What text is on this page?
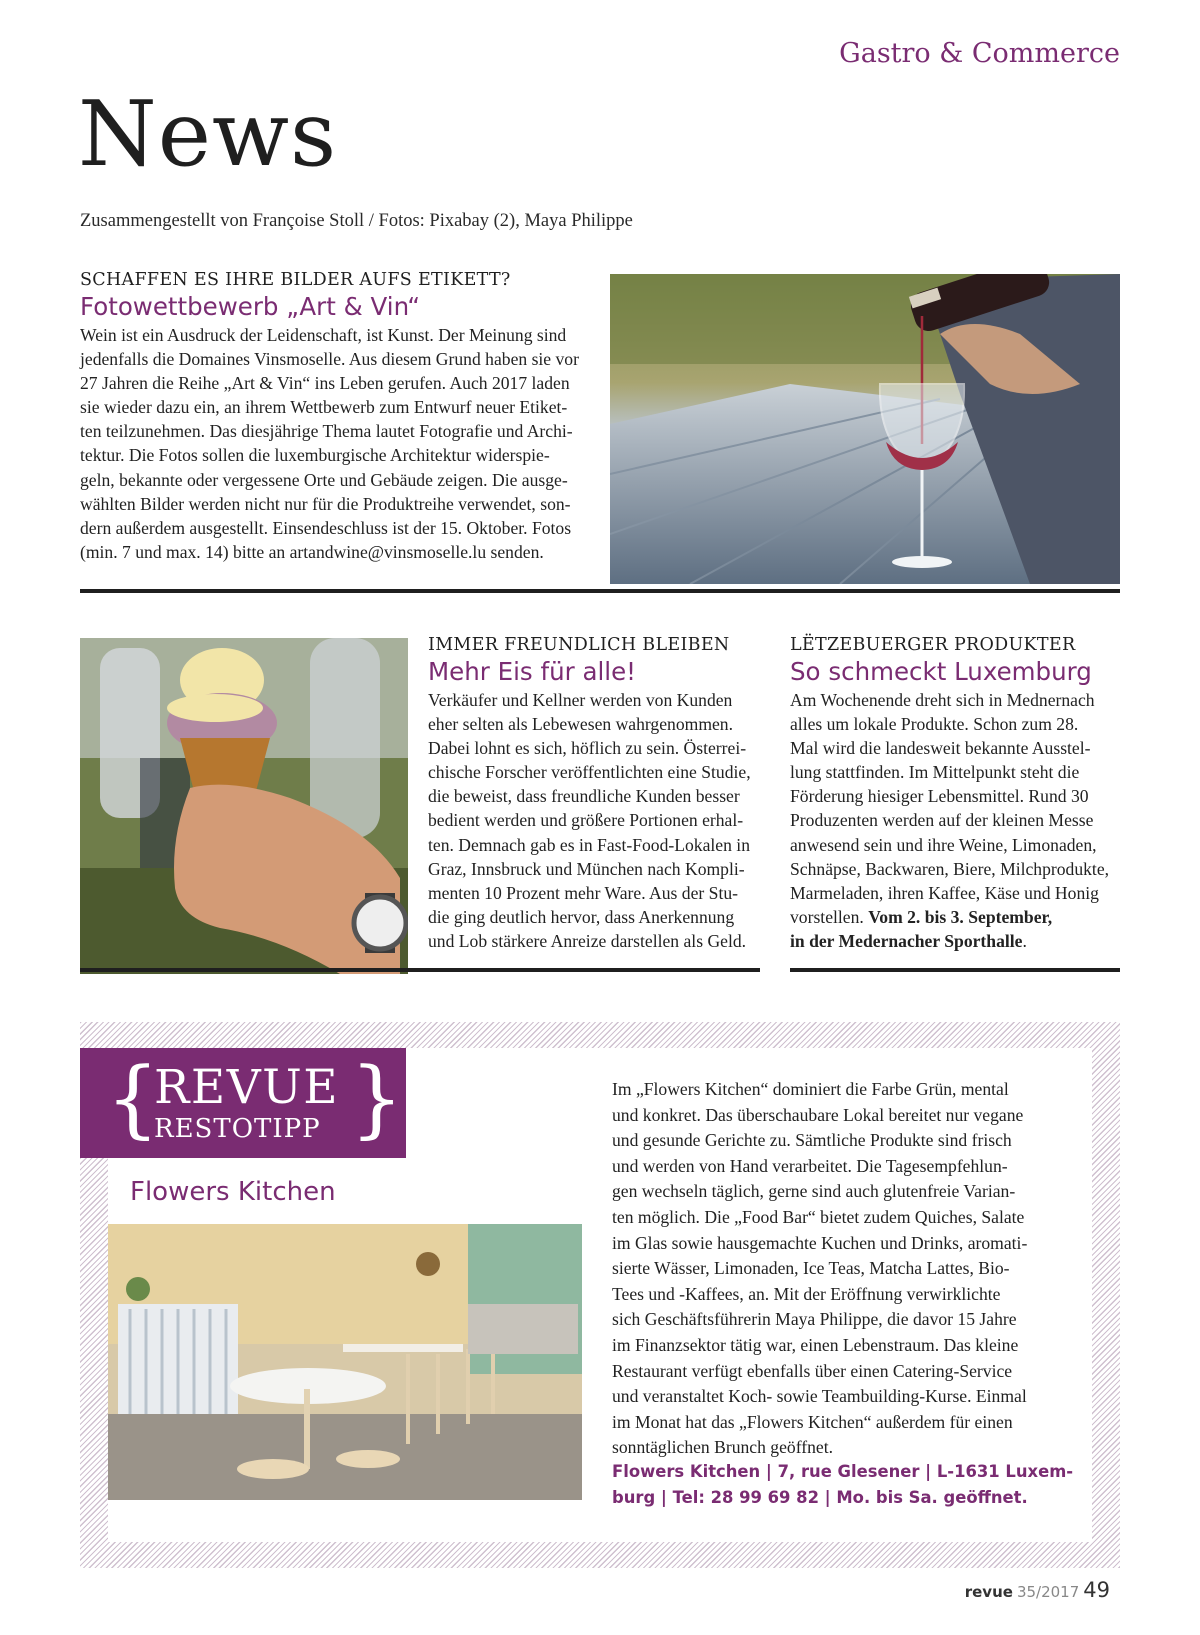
Gastro & Commerce
News
Zusammengestellt von Françoise Stoll / Fotos: Pixabay (2), Maya Philippe
SCHAFFEN ES IHRE BILDER AUFS ETIKETT?
Fotowettbewerb „Art & Vin“
Wein ist ein Ausdruck der Leidenschaft, ist Kunst. Der Meinung sind
jedenfalls die Domaines Vinsmoselle. Aus diesem Grund haben sie vor
27 Jahren die Reihe „Art & Vin“ ins Leben gerufen. Auch 2017 laden
sie wieder dazu ein, an ihrem Wettbewerb zum Entwurf neuer Etiket-
ten teilzunehmen. Das diesjährige Thema lautet Fotografie und Archi-
tektur. Die Fotos sollen die luxemburgische Architektur widerspie-
geln, bekannte oder vergessene Orte und Gebäude zeigen. Die ausge-
wählten Bilder werden nicht nur für die Produktreihe verwendet, son-
dern außerdem ausgestellt. Einsendeschluss ist der 15. Oktober. Fotos
(min. 7 und max. 14) bitte an artandwine@vinsmoselle.lu senden.
IMMER FREUNDLICH BLEIBEN
Mehr Eis für alle!
Verkäufer und Kellner werden von Kunden
eher selten als Lebewesen wahrgenommen.
Dabei lohnt es sich, höflich zu sein. Österrei-
chische Forscher veröffentlichten eine Studie,
die beweist, dass freundliche Kunden besser
bedient werden und größere Portionen erhal-
ten. Demnach gab es in Fast-Food-Lokalen in
Graz, Innsbruck und München nach Kompli-
menten 10 Prozent mehr Ware. Aus der Stu-
die ging deutlich hervor, dass Anerkennung
und Lob stärkere Anreize darstellen als Geld.
LËTZEBUERGER PRODUKTER
So schmeckt Luxemburg
Am Wochenende dreht sich in Mednernach
alles um lokale Produkte. Schon zum 28.
Mal wird die landesweit bekannte Ausstel-
lung stattfinden. Im Mittelpunkt steht die
Förderung hiesiger Lebensmittel. Rund 30
Produzenten werden auf der kleinen Messe
anwesend sein und ihre Weine, Limonaden,
Schnäpse, Backwaren, Biere, Milchprodukte,
Marmeladen, ihren Kaffee, Käse und Honig
vorstellen. Vom 2. bis 3. September,
in der Medernacher Sporthalle.
{
REVUE
RESTOTIPP }
Flowers Kitchen
Im „Flowers Kitchen“ dominiert die Farbe Grün, mental
und konkret. Das überschaubare Lokal bereitet nur vegane
und gesunde Gerichte zu. Sämtliche Produkte sind frisch
und werden von Hand verarbeitet. Die Tagesempfehlun-
gen wechseln täglich, gerne sind auch glutenfreie Varian-
ten möglich. Die „Food Bar“ bietet zudem Quiches, Salate
im Glas sowie hausgemachte Kuchen und Drinks, aromati-
sierte Wässer, Limonaden, Ice Teas, Matcha Lattes, Bio-
Tees und -Kaffees, an. Mit der Eröffnung verwirklichte
sich Geschäftsführerin Maya Philippe, die davor 15 Jahre
im Finanzsektor tätig war, einen Lebenstraum. Das kleine
Restaurant verfügt ebenfalls über einen Catering-Service
und veranstaltet Koch- sowie Teambuilding-Kurse. Einmal
im Monat hat das „Flowers Kitchen“ außerdem für einen
sonntäglichen Brunch geöffnet.
Flowers Kitchen | 7, rue Glesener | L-1631 Luxem-
burg | Tel: 28 99 69 82 | Mo. bis Sa. geöffnet.
revue 35/2017 49
